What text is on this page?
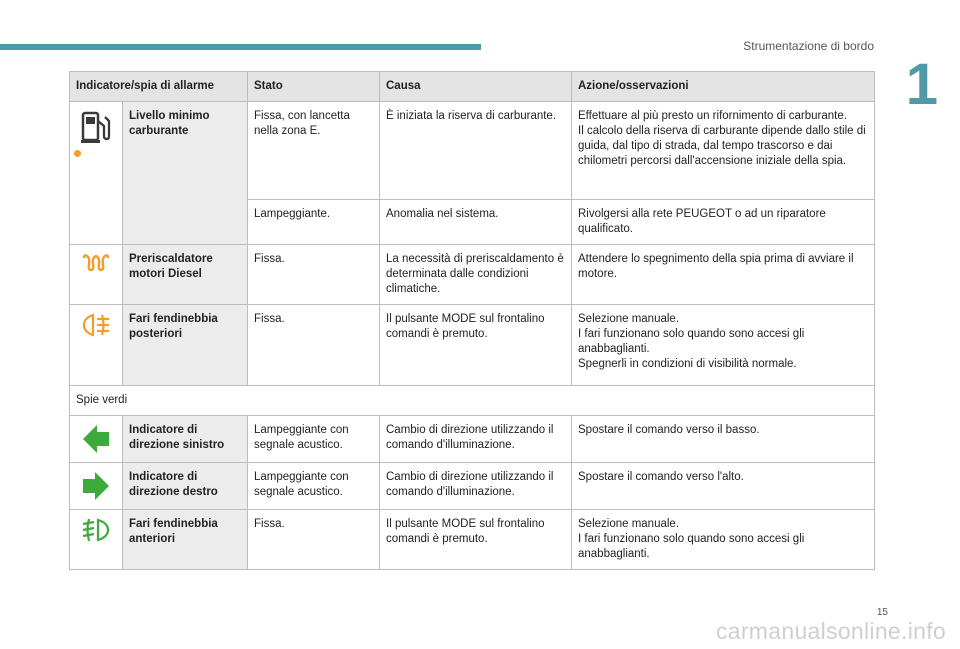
Strumentazione di bordo
1
Indicatore/spia di allarme		Stato	Causa	Azione/osservazioni

	Livello minimo carburante	Fissa, con lancetta nella zona E.	È iniziata la riserva di carburante.	Effettuare al più presto un rifornimento di carburante.
Il calcolo della riserva di carburante dipende dallo stile di guida, dal tipo di strada, dal tempo trascorso e dai chilometri percorsi dall'accensione iniziale della spia.

		Lampeggiante.	Anomalia nel sistema.	Rivolgersi alla rete PEUGEOT o ad un riparatore qualificato.

	Preriscaldatore motori Diesel	Fissa.	La necessità di preriscaldamento è determinata dalle condizioni climatiche.	Attendere lo spegnimento della spia prima di avviare il motore.

	Fari fendinebbia posteriori	Fissa.	Il pulsante MODE sul frontalino comandi è premuto.	Selezione manuale.
I fari funzionano solo quando sono accesi gli anabbaglianti.
Spegnerli in condizioni di visibilità normale.

Spie verdi				

	Indicatore di direzione sinistro	Lampeggiante con segnale acustico.	Cambio di direzione utilizzando il comando d'illuminazione.	Spostare il comando verso il basso.

	Indicatore di direzione destro	Lampeggiante con segnale acustico.	Cambio di direzione utilizzando il comando d'illuminazione.	Spostare il comando verso l'alto.

	Fari fendinebbia anteriori	Fissa.	Il pulsante MODE sul frontalino comandi è premuto.	Selezione manuale.
I fari funzionano solo quando sono accesi gli anabbaglianti.
15
carmanualsonline.info
